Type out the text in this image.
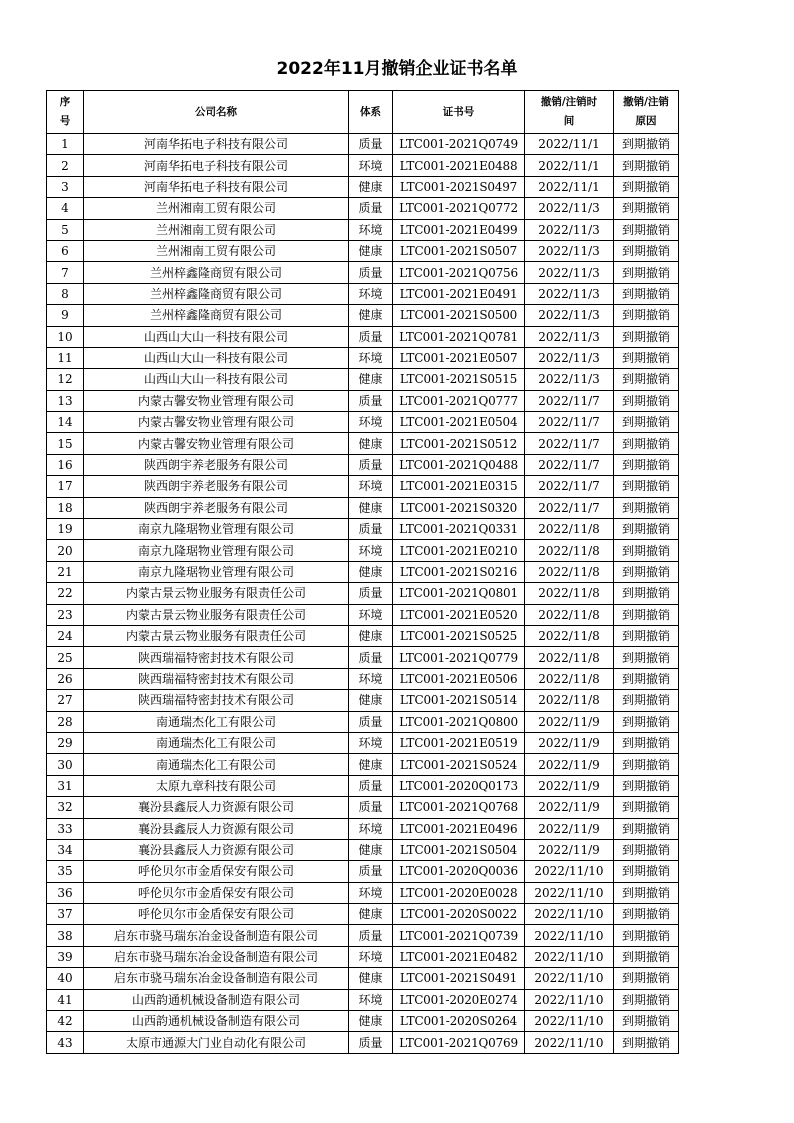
2022年11月撤销企业证书名单
序号	公司名称	体系	证书号	撤销/注销时间	撤销/注销原因
1	河南华拓电子科技有限公司	质量	LTC001-2021Q0749	2022/11/1	到期撤销
2	河南华拓电子科技有限公司	环境	LTC001-2021E0488	2022/11/1	到期撤销
3	河南华拓电子科技有限公司	健康	LTC001-2021S0497	2022/11/1	到期撤销
4	兰州湘南工贸有限公司	质量	LTC001-2021Q0772	2022/11/3	到期撤销
5	兰州湘南工贸有限公司	环境	LTC001-2021E0499	2022/11/3	到期撤销
6	兰州湘南工贸有限公司	健康	LTC001-2021S0507	2022/11/3	到期撤销
7	兰州梓鑫隆商贸有限公司	质量	LTC001-2021Q0756	2022/11/3	到期撤销
8	兰州梓鑫隆商贸有限公司	环境	LTC001-2021E0491	2022/11/3	到期撤销
9	兰州梓鑫隆商贸有限公司	健康	LTC001-2021S0500	2022/11/3	到期撤销
10	山西山大山一科技有限公司	质量	LTC001-2021Q0781	2022/11/3	到期撤销
11	山西山大山一科技有限公司	环境	LTC001-2021E0507	2022/11/3	到期撤销
12	山西山大山一科技有限公司	健康	LTC001-2021S0515	2022/11/3	到期撤销
13	内蒙古馨安物业管理有限公司	质量	LTC001-2021Q0777	2022/11/7	到期撤销
14	内蒙古馨安物业管理有限公司	环境	LTC001-2021E0504	2022/11/7	到期撤销
15	内蒙古馨安物业管理有限公司	健康	LTC001-2021S0512	2022/11/7	到期撤销
16	陕西朗宇养老服务有限公司	质量	LTC001-2021Q0488	2022/11/7	到期撤销
17	陕西朗宇养老服务有限公司	环境	LTC001-2021E0315	2022/11/7	到期撤销
18	陕西朗宇养老服务有限公司	健康	LTC001-2021S0320	2022/11/7	到期撤销
19	南京九隆琚物业管理有限公司	质量	LTC001-2021Q0331	2022/11/8	到期撤销
20	南京九隆琚物业管理有限公司	环境	LTC001-2021E0210	2022/11/8	到期撤销
21	南京九隆琚物业管理有限公司	健康	LTC001-2021S0216	2022/11/8	到期撤销
22	内蒙古景云物业服务有限责任公司	质量	LTC001-2021Q0801	2022/11/8	到期撤销
23	内蒙古景云物业服务有限责任公司	环境	LTC001-2021E0520	2022/11/8	到期撤销
24	内蒙古景云物业服务有限责任公司	健康	LTC001-2021S0525	2022/11/8	到期撤销
25	陕西瑞福特密封技术有限公司	质量	LTC001-2021Q0779	2022/11/8	到期撤销
26	陕西瑞福特密封技术有限公司	环境	LTC001-2021E0506	2022/11/8	到期撤销
27	陕西瑞福特密封技术有限公司	健康	LTC001-2021S0514	2022/11/8	到期撤销
28	南通瑞杰化工有限公司	质量	LTC001-2021Q0800	2022/11/9	到期撤销
29	南通瑞杰化工有限公司	环境	LTC001-2021E0519	2022/11/9	到期撤销
30	南通瑞杰化工有限公司	健康	LTC001-2021S0524	2022/11/9	到期撤销
31	太原九章科技有限公司	质量	LTC001-2020Q0173	2022/11/9	到期撤销
32	襄汾县鑫辰人力资源有限公司	质量	LTC001-2021Q0768	2022/11/9	到期撤销
33	襄汾县鑫辰人力资源有限公司	环境	LTC001-2021E0496	2022/11/9	到期撤销
34	襄汾县鑫辰人力资源有限公司	健康	LTC001-2021S0504	2022/11/9	到期撤销
35	呼伦贝尔市金盾保安有限公司	质量	LTC001-2020Q0036	2022/11/10	到期撤销
36	呼伦贝尔市金盾保安有限公司	环境	LTC001-2020E0028	2022/11/10	到期撤销
37	呼伦贝尔市金盾保安有限公司	健康	LTC001-2020S0022	2022/11/10	到期撤销
38	启东市骁马瑞东冶金设备制造有限公司	质量	LTC001-2021Q0739	2022/11/10	到期撤销
39	启东市骁马瑞东冶金设备制造有限公司	环境	LTC001-2021E0482	2022/11/10	到期撤销
40	启东市骁马瑞东冶金设备制造有限公司	健康	LTC001-2021S0491	2022/11/10	到期撤销
41	山西韵通机械设备制造有限公司	环境	LTC001-2020E0274	2022/11/10	到期撤销
42	山西韵通机械设备制造有限公司	健康	LTC001-2020S0264	2022/11/10	到期撤销
43	太原市通源大门业自动化有限公司	质量	LTC001-2021Q0769	2022/11/10	到期撤销
